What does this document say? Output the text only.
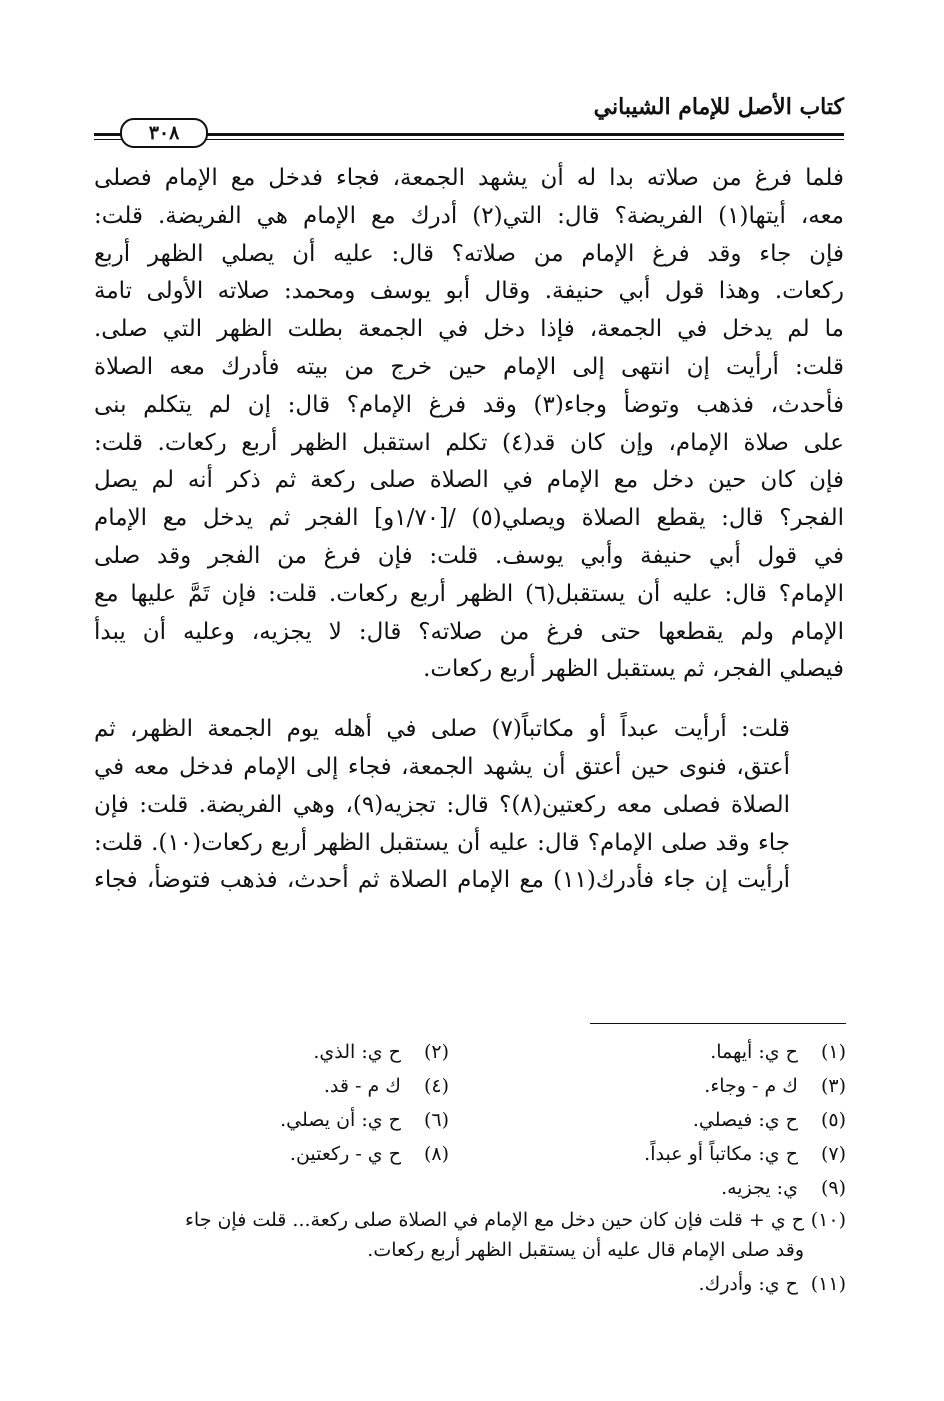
كتاب الأصل للإمام الشيباني
٣٠٨

فلما فرغ من صلاته بدا له أن يشهد الجمعة، فجاء فدخل مع الإمام فصلى
معه، أيتها(١) الفريضة؟ قال: التي(٢) أدرك مع الإمام هي الفريضة. قلت:
فإن جاء وقد فرغ الإمام من صلاته؟ قال: عليه أن يصلي الظهر أربع
ركعات. وهذا قول أبي حنيفة. وقال أبو يوسف ومحمد: صلاته الأولى تامة
ما لم يدخل في الجمعة، فإذا دخل في الجمعة بطلت الظهر التي صلى.
قلت: أرأيت إن انتهى إلى الإمام حين خرج من بيته فأدرك معه الصلاة
فأحدث، فذهب وتوضأ وجاء(٣) وقد فرغ الإمام؟ قال: إن لم يتكلم بنى
على صلاة الإمام، وإن كان قد(٤) تكلم استقبل الظهر أربع ركعات. قلت:
فإن كان حين دخل مع الإمام في الصلاة صلى ركعة ثم ذكر أنه لم يصل
الفجر؟ قال: يقطع الصلاة ويصلي(٥) /[١/٧٠و] الفجر ثم يدخل مع الإمام
في قول أبي حنيفة وأبي يوسف. قلت: فإن فرغ من الفجر وقد صلى
الإمام؟ قال: عليه أن يستقبل(٦) الظهر أربع ركعات. قلت: فإن تَمَّ عليها مع
الإمام ولم يقطعها حتى فرغ من صلاته؟ قال: لا يجزيه، وعليه أن يبدأ
فيصلي الفجر، ثم يستقبل الظهر أربع ركعات.

قلت: أرأيت عبداً أو مكاتباً(٧) صلى في أهله يوم الجمعة الظهر، ثم
أعتق، فنوى حين أعتق أن يشهد الجمعة، فجاء إلى الإمام فدخل معه في
الصلاة فصلى معه ركعتين(٨)؟ قال: تجزيه(٩)، وهي الفريضة. قلت: فإن
جاء وقد صلى الإمام؟ قال: عليه أن يستقبل الظهر أربع ركعات(١٠). قلت:
أرأيت إن جاء فأدرك(١١) مع الإمام الصلاة ثم أحدث، فذهب فتوضأ، فجاء

(١) ح ي: أيهما.
(٢) ح ي: الذي.
(٣) ك م - وجاء.
(٤) ك م - قد.
(٥) ح ي: فيصلي.
(٦) ح ي: أن يصلي.
(٧) ح ي: مكاتباً أو عبداً.
(٨) ح ي - ركعتين.
(٩) ي: يجزيه.
(١٠)ح ي + قلت فإن كان حين دخل مع الإمام في الصلاة صلى ركعة... قلت فإن جاء
وقد صلى الإمام قال عليه أن يستقبل الظهر أربع ركعات.
(١١) ح ي: وأدرك.
